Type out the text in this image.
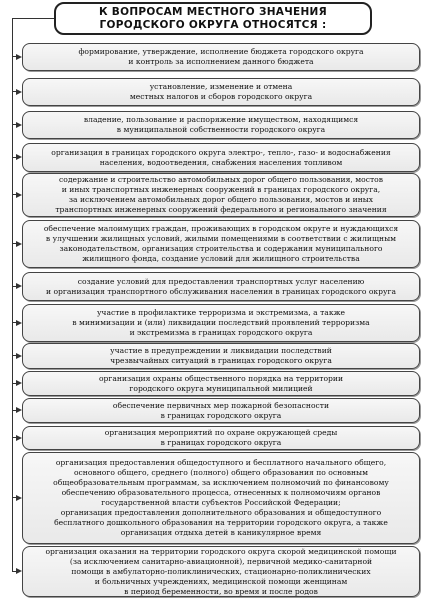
К ВОПРОСАМ МЕСТНОГО ЗНАЧЕНИЯ
ГОРОДСКОГО ОКРУГА ОТНОСЯТСЯ :
формирование, утверждение, исполнение бюджета городского округа
и контроль за исполнением данного бюджета
установление, изменение и отмена
местных налогов и сборов городского округа
владение, пользование и распоряжение имуществом, находящимся
в муниципальной собственности городского округа
организация в границах городского округа электро-, тепло-, газо- и водоснабжения
населения, водоотведения, снабжения населения топливом
содержание и строительство автомобильных дорог общего пользования, мостов
и иных транспортных инженерных сооружений в границах городского округа,
за исключением автомобильных дорог общего пользования, мостов и иных
транспортных инженерных сооружений федерального и регионального значения
обеспечение малоимущих граждан, проживающих в городском округе и нуждающихся
в улучшении жилищных условий, жилыми помещениями в соответствии с жилищным
законодательством, организация строительства и содержания муниципального
жилищного фонда, создание условий для жилищного строительства
создание условий для предоставления транспортных услуг населению
и организация транспортного обслуживания населения в границах городского округа
участие в профилактике терроризма и экстремизма, а также
в минимизации и (или) ликвидации последствий проявлений терроризма
и экстремизма в границах городского округа
участие в предупреждении и ликвидации последствий
чрезвычайных ситуаций в границах городского округа
организация охраны общественного порядка на территории
городского округа муниципальной милицией
обеспечение первичных мер пожарной безопасности
в границах городского округа
организация мероприятий по охране окружающей среды
в границах городского округа
организация предоставления общедоступного и бесплатного начального общего,
основного общего, среднего (полного) общего образования по основным
общеобразовательным программам, за исключением полномочий по финансовому
обеспечению образовательного процесса, отнесенных к полномочиям органов
государственной власти субъектов Российской Федерации;
организация предоставления дополнительного образования и общедоступного
бесплатного дошкольного образования на территории городского округа, а также
организация отдыха детей в каникулярное время
организация оказания на территории городского округа скорой медицинской помощи
(за исключением санитарно-авиационной), первичной медико-санитарной
помощи в амбулаторно-поликлинических, стационарно-поликлинических
и больничных учреждениях, медицинской помощи женщинам
в период беременности, во время и после родов
